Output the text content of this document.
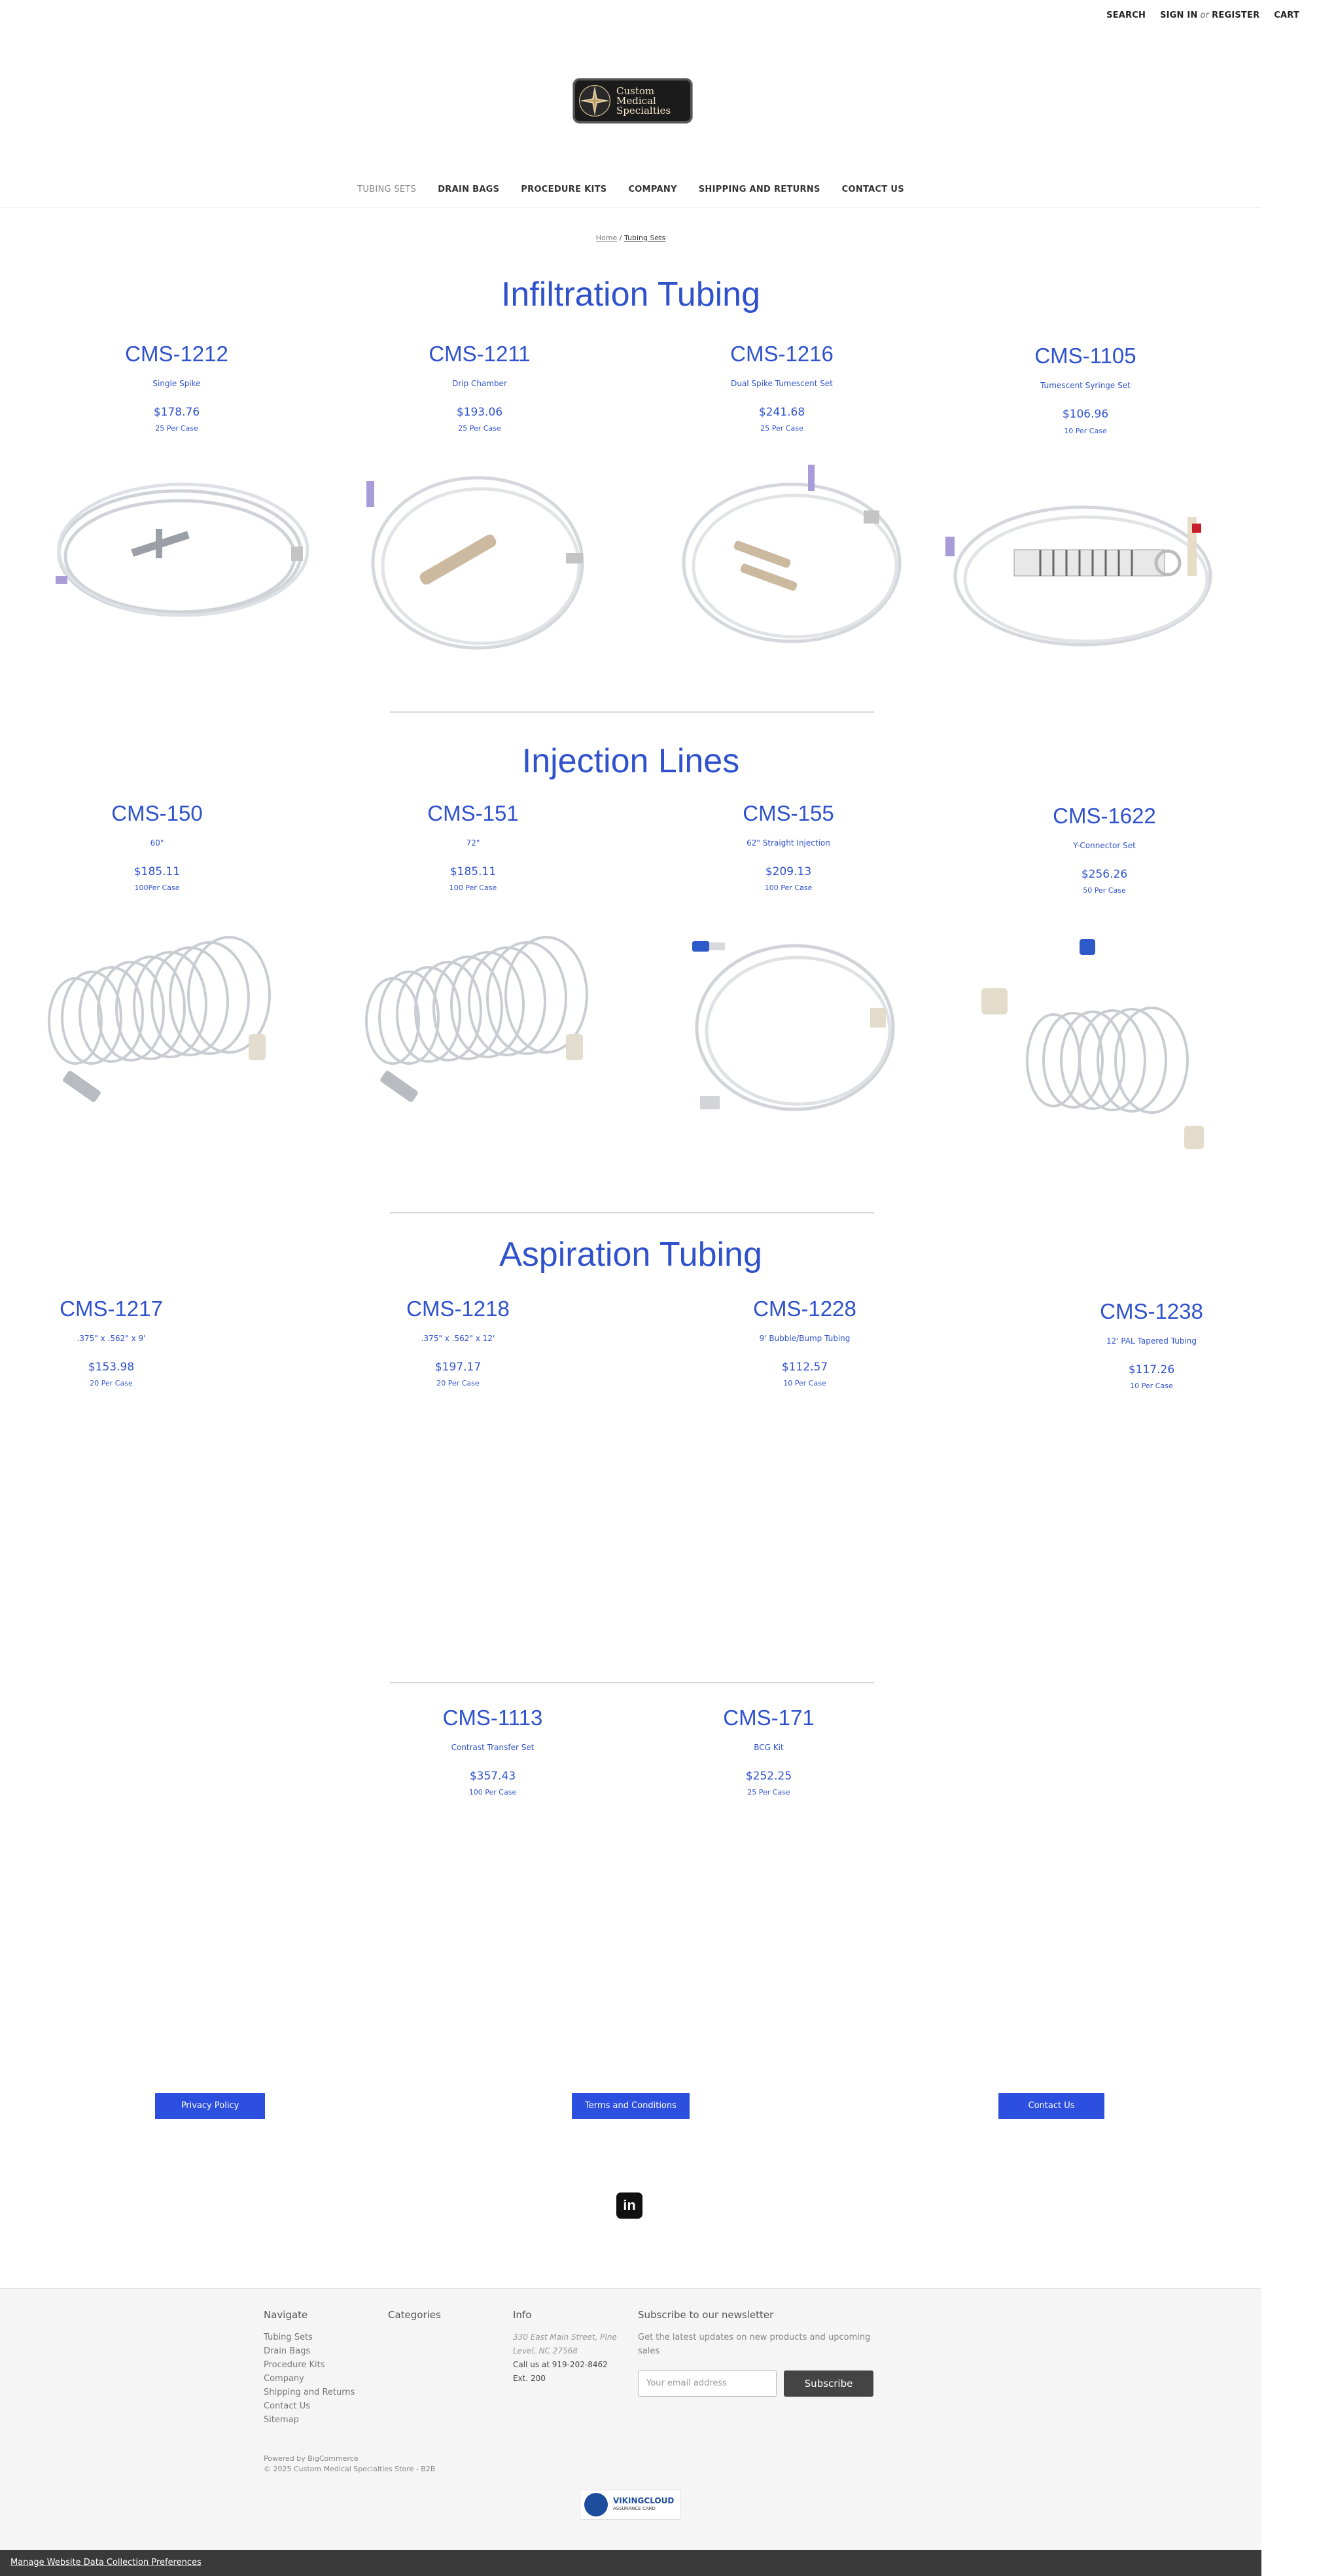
SEARCH SIGN IN or REGISTER CART
Custom
Medical
Specialties
TUBING SETS	DRAIN BAGS	PROCEDURE KITS	COMPANY	SHIPPING AND RETURNS	CONTACT US
Home / Tubing Sets
Infiltration Tubing
CMS-1212
Single Spike
$178.76
25 Per Case
CMS-1211
Drip Chamber
$193.06
25 Per Case
CMS-1216
Dual Spike Tumescent Set
$241.68
25 Per Case
CMS-1105
Tumescent Syringe Set
$106.96
10 Per Case
Injection Lines
CMS-150
60"
$185.11
100Per Case
CMS-151
72"
$185.11
100 Per Case
CMS-155
62" Straight Injection
$209.13
100 Per Case
CMS-1622
Y-Connector Set
$256.26
50 Per Case
Aspiration Tubing
CMS-1217
.375" x .562" x 9'
$153.98
20 Per Case
CMS-1218
.375" x .562" x 12'
$197.17
20 Per Case
CMS-1228
9' Bubble/Bump Tubing
$112.57
10 Per Case
CMS-1238
12' PAL Tapered Tubing
$117.26
10 Per Case
CMS-1113
Contrast Transfer Set
$357.43
100 Per Case
CMS-171
BCG Kit
$252.25
25 Per Case
Privacy Policy	Terms and Conditions	Contact Us
in
Navigate
Tubing Sets
Drain Bags
Procedure Kits
Company
Shipping and Returns
Contact Us
Sitemap
Categories	Info
330 East Main Street, Pine
Level, NC 27568
Call us at 919-202-8462
Ext. 200
Subscribe to our newsletter
Get the latest updates on new products and upcoming sales
Your email address	Subscribe
Powered by BigCommerce
© 2025 Custom Medical Specialties Store - B2B
VIKINGCLOUD
ASSURANCE CARD
Manage Website Data Collection Preferences
